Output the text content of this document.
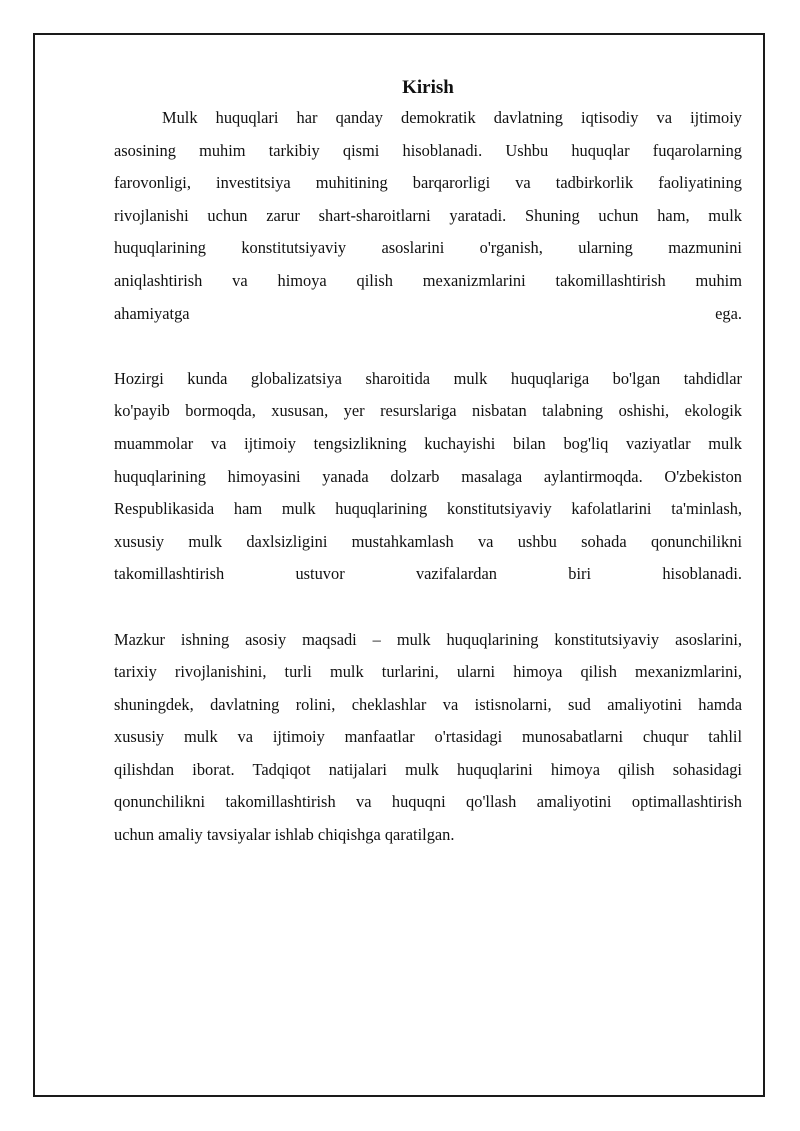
Kirish
Mulk huquqlari har qanday demokratik davlatning iqtisodiy va ijtimoiy
asosining muhim tarkibiy qismi hisoblanadi. Ushbu huquqlar fuqarolarning
farovonligi, investitsiya muhitining barqarorligi va tadbirkorlik faoliyatining
rivojlanishi uchun zarur shart-sharoitlarni yaratadi. Shuning uchun ham, mulk
huquqlarining konstitutsiyaviy asoslarini o'rganish, ularning mazmunini
aniqlashtirish va himoya qilish mexanizmlarini takomillashtirish muhim
ahamiyatga ega.
Hozirgi kunda globalizatsiya sharoitida mulk huquqlariga bo'lgan tahdidlar
ko'payib bormoqda, xususan, yer resurslariga nisbatan talabning oshishi, ekologik
muammolar va ijtimoiy tengsizlikning kuchayishi bilan bog'liq vaziyatlar mulk
huquqlarining himoyasini yanada dolzarb masalaga aylantirmoqda. O'zbekiston
Respublikasida ham mulk huquqlarining konstitutsiyaviy kafolatlarini ta'minlash,
xususiy mulk daxlsizligini mustahkamlash va ushbu sohada qonunchilikni
takomillashtirish ustuvor vazifalardan biri hisoblanadi.
Mazkur ishning asosiy maqsadi – mulk huquqlarining konstitutsiyaviy asoslarini,
tarixiy rivojlanishini, turli mulk turlarini, ularni himoya qilish mexanizmlarini,
shuningdek, davlatning rolini, cheklashlar va istisnolarni, sud amaliyotini hamda
xususiy mulk va ijtimoiy manfaatlar o'rtasidagi munosabatlarni chuqur tahlil
qilishdan iborat. Tadqiqot natijalari mulk huquqlarini himoya qilish sohasidagi
qonunchilikni takomillashtirish va huquqni qo'llash amaliyotini optimallashtirish
uchun amaliy tavsiyalar ishlab chiqishga qaratilgan.
